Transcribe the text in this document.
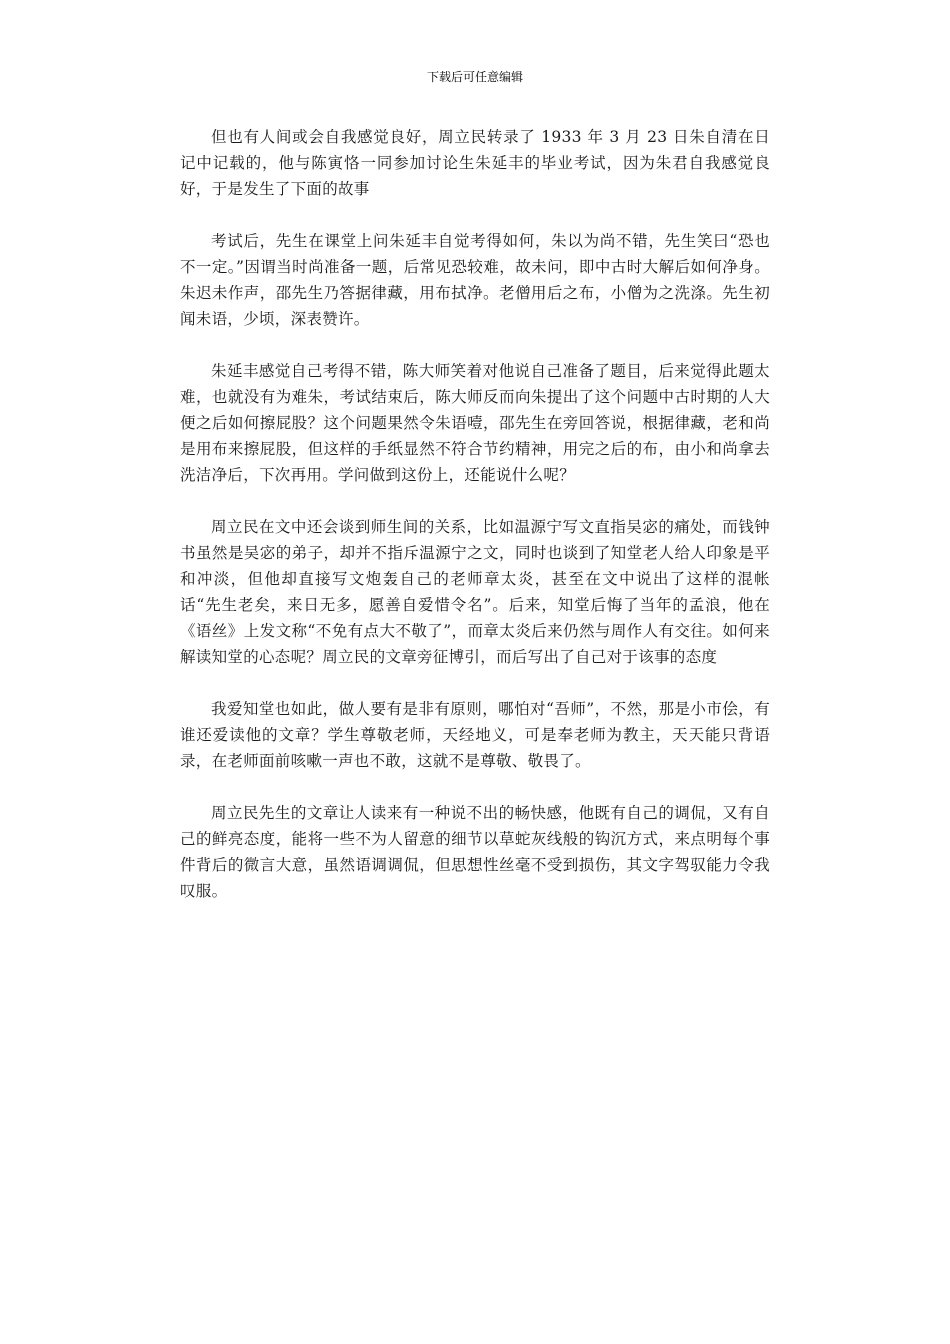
下载后可任意编辑

但也有人间或会自我感觉良好，周立民转录了 1933 年 3 月 23 日朱自清在日记中记载的，他与陈寅恪一同参加讨论生朱延丰的毕业考试，因为朱君自我感觉良好，于是发生了下面的故事

考试后，先生在课堂上问朱延丰自觉考得如何，朱以为尚不错，先生笑曰“恐也不一定。”因谓当时尚准备一题，后常见恐较难，故未问，即中古时大解后如何净身。朱迟未作声，邵先生乃答据律藏，用布拭净。老僧用后之布，小僧为之洗涤。先生初闻未语，少顷，深表赞许。

朱延丰感觉自己考得不错，陈大师笑着对他说自己准备了题目，后来觉得此题太难，也就没有为难朱，考试结束后，陈大师反而向朱提出了这个问题中古时期的人大便之后如何擦屁股？这个问题果然令朱语噎，邵先生在旁回答说，根据律藏，老和尚是用布来擦屁股，但这样的手纸显然不符合节约精神，用完之后的布，由小和尚拿去洗洁净后，下次再用。学问做到这份上，还能说什么呢？

周立民在文中还会谈到师生间的关系，比如温源宁写文直指吴宓的痛处，而钱钟书虽然是吴宓的弟子，却并不指斥温源宁之文，同时也谈到了知堂老人给人印象是平和冲淡，但他却直接写文炮轰自己的老师章太炎，甚至在文中说出了这样的混帐话“先生老矣，来日无多，愿善自爱惜令名”。后来，知堂后悔了当年的孟浪，他在《语丝》上发文称“不免有点大不敬了”，而章太炎后来仍然与周作人有交往。如何来解读知堂的心态呢？周立民的文章旁征博引，而后写出了自己对于该事的态度

我爱知堂也如此，做人要有是非有原则，哪怕对“吾师”，不然，那是小市侩，有谁还爱读他的文章？学生尊敬老师，天经地义，可是奉老师为教主，天天能只背语录，在老师面前咳嗽一声也不敢，这就不是尊敬、敬畏了。

周立民先生的文章让人读来有一种说不出的畅快感，他既有自己的调侃，又有自己的鲜亮态度，能将一些不为人留意的细节以草蛇灰线般的钩沉方式，来点明每个事件背后的微言大意，虽然语调调侃，但思想性丝毫不受到损伤，其文字驾驭能力令我叹服。
